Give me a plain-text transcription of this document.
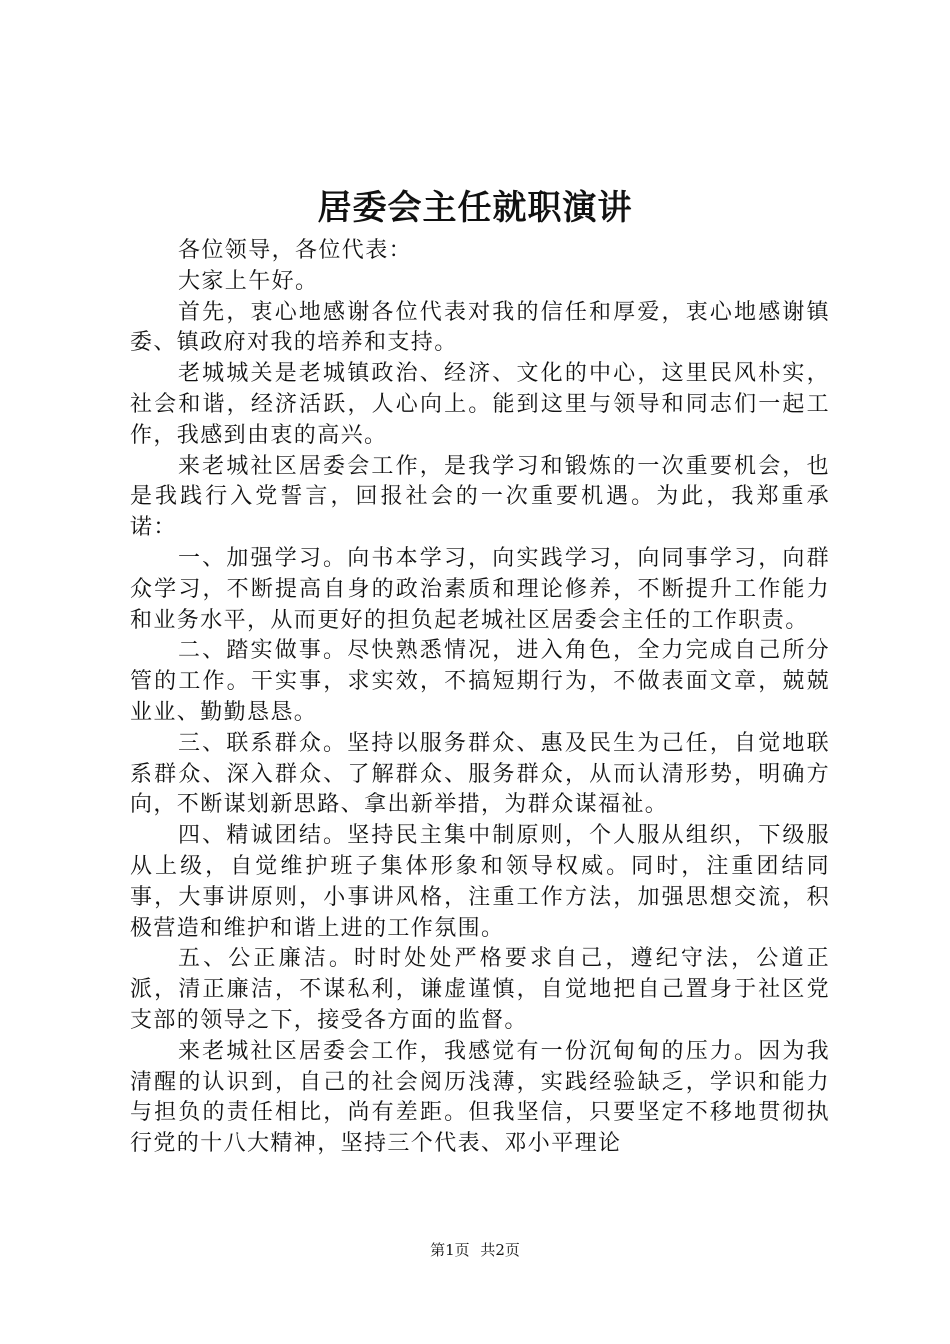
居委会主任就职演讲

各位领导，各位代表：

大家上午好。

首先，衷心地感谢各位代表对我的信任和厚爱，衷心地感谢镇委、镇政府对我的培养和支持。

老城城关是老城镇政治、经济、文化的中心，这里民风朴实，社会和谐，经济活跃，人心向上。能到这里与领导和同志们一起工作，我感到由衷的高兴。

来老城社区居委会工作，是我学习和锻炼的一次重要机会，也是我践行入党誓言，回报社会的一次重要机遇。为此，我郑重承诺：

一、加强学习。向书本学习，向实践学习，向同事学习，向群众学习，不断提高自身的政治素质和理论修养，不断提升工作能力和业务水平，从而更好的担负起老城社区居委会主任的工作职责。

二、踏实做事。尽快熟悉情况，进入角色，全力完成自己所分管的工作。干实事，求实效，不搞短期行为，不做表面文章，兢兢业业、勤勤恳恳。

三、联系群众。坚持以服务群众、惠及民生为己任，自觉地联系群众、深入群众、了解群众、服务群众，从而认清形势，明确方向，不断谋划新思路、拿出新举措，为群众谋福祉。

四、精诚团结。坚持民主集中制原则，个人服从组织，下级服从上级，自觉维护班子集体形象和领导权威。同时，注重团结同事，大事讲原则，小事讲风格，注重工作方法，加强思想交流，积极营造和维护和谐上进的工作氛围。

五、公正廉洁。时时处处严格要求自己，遵纪守法，公道正派，清正廉洁，不谋私利，谦虚谨慎，自觉地把自己置身于社区党支部的领导之下，接受各方面的监督。

来老城社区居委会工作，我感觉有一份沉甸甸的压力。因为我清醒的认识到，自己的社会阅历浅薄，实践经验缺乏，学识和能力与担负的责任相比，尚有差距。但我坚信，只要坚定不移地贯彻执行党的十八大精神，坚持三个代表、邓小平理论

第1页 共2页
